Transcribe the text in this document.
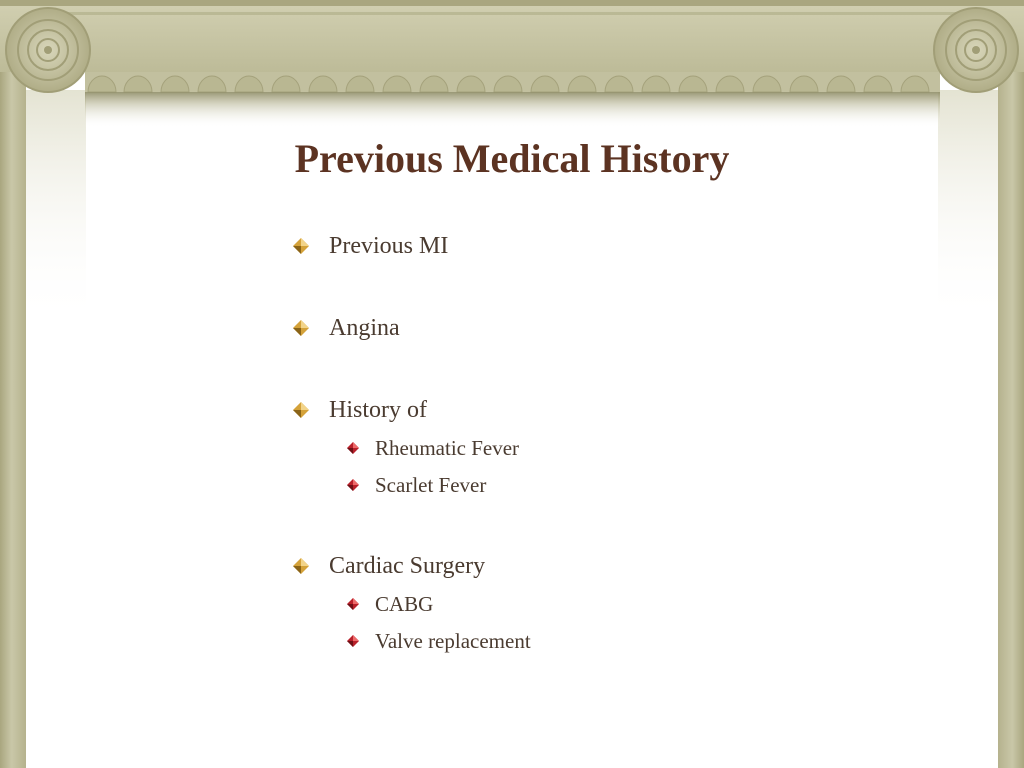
Previous Medical History
Previous MI
Angina
History of
Rheumatic Fever
Scarlet Fever
Cardiac Surgery
CABG
Valve replacement
